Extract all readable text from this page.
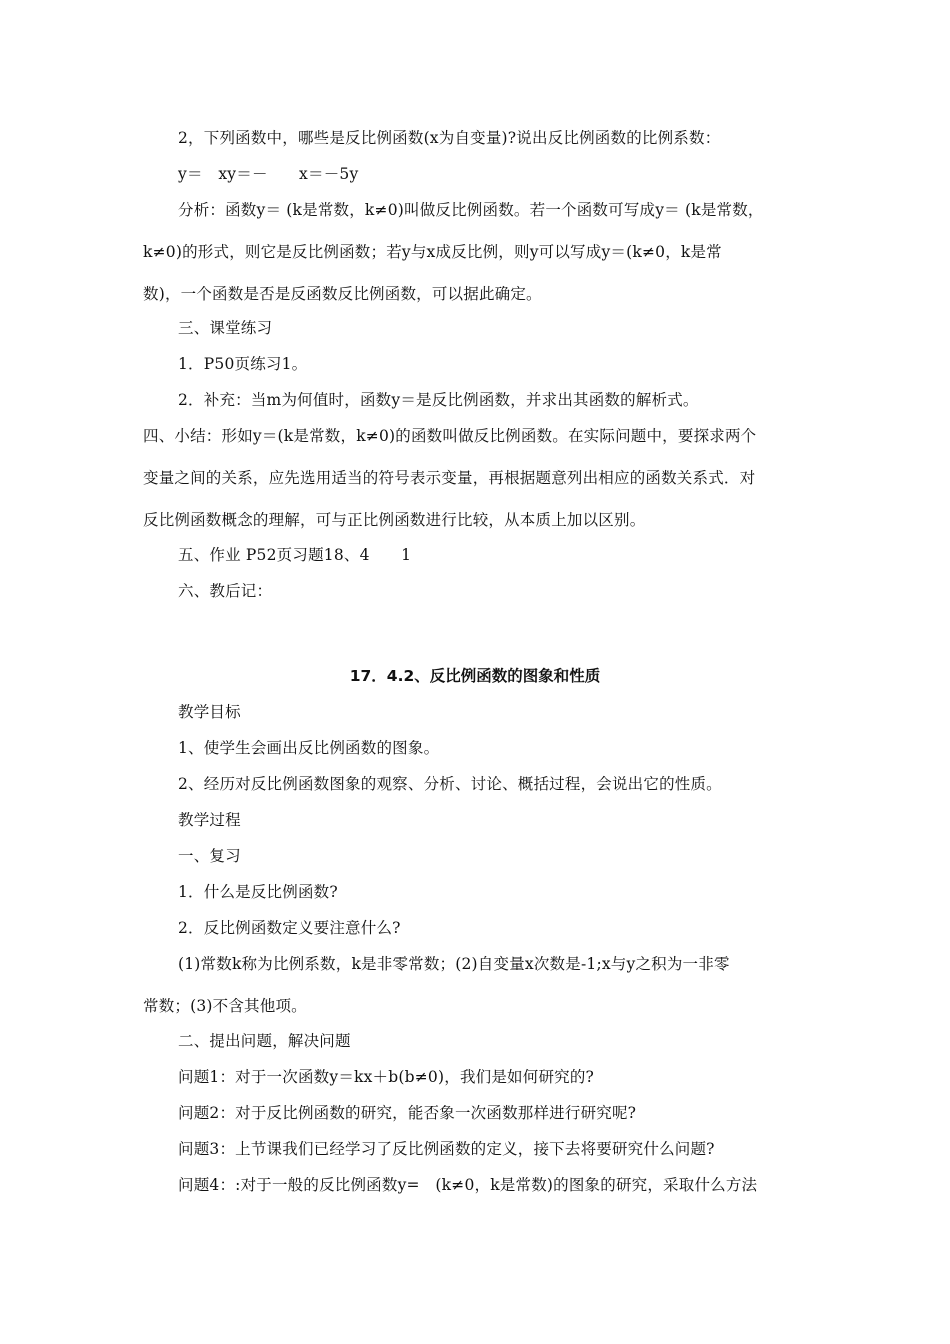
2，下列函数中，哪些是反比例函数(x为自变量)?说出反比例函数的比例系数：
y＝　xy＝－　　x＝－5y
分析：函数y＝ (k是常数，k≠0)叫做反比例函数。若一个函数可写成y＝ (k是常数，
k≠0)的形式，则它是反比例函数；若y与x成反比例，则y可以写成y＝(k≠0，k是常
数)，一个函数是否是反函数反比例函数，可以据此确定。
三、课堂练习
1．P50页练习1。
2．补充：当m为何值时，函数y＝是反比例函数，并求出其函数的解析式。
四、小结：形如y＝(k是常数，k≠0)的函数叫做反比例函数。在实际问题中，要探求两个
变量之间的关系，应先选用适当的符号表示变量，再根据题意列出相应的函数关系式．对
反比例函数概念的理解，可与正比例函数进行比较，从本质上加以区别。
五、作业 P52页习题18、4　　1
六、教后记：
17．4.2、反比例函数的图象和性质
教学目标
1、使学生会画出反比例函数的图象。
2、经历对反比例函数图象的观察、分析、讨论、概括过程，会说出它的性质。
教学过程
一、复习
1．什么是反比例函数?
2．反比例函数定义要注意什么?
(1)常数k称为比例系数，k是非零常数；(2)自变量x次数是-1;x与y之积为一非零
常数；(3)不含其他项。
二、提出问题，解决问题
问题1：对于一次函数y＝kx＋b(b≠0)，我们是如何研究的?
问题2：对于反比例函数的研究，能否象一次函数那样进行研究呢?
问题3：上节课我们已经学习了反比例函数的定义，接下去将要研究什么问题?
问题4：:对于一般的反比例函数y=　(k≠0，k是常数)的图象的研究，采取什么方法
